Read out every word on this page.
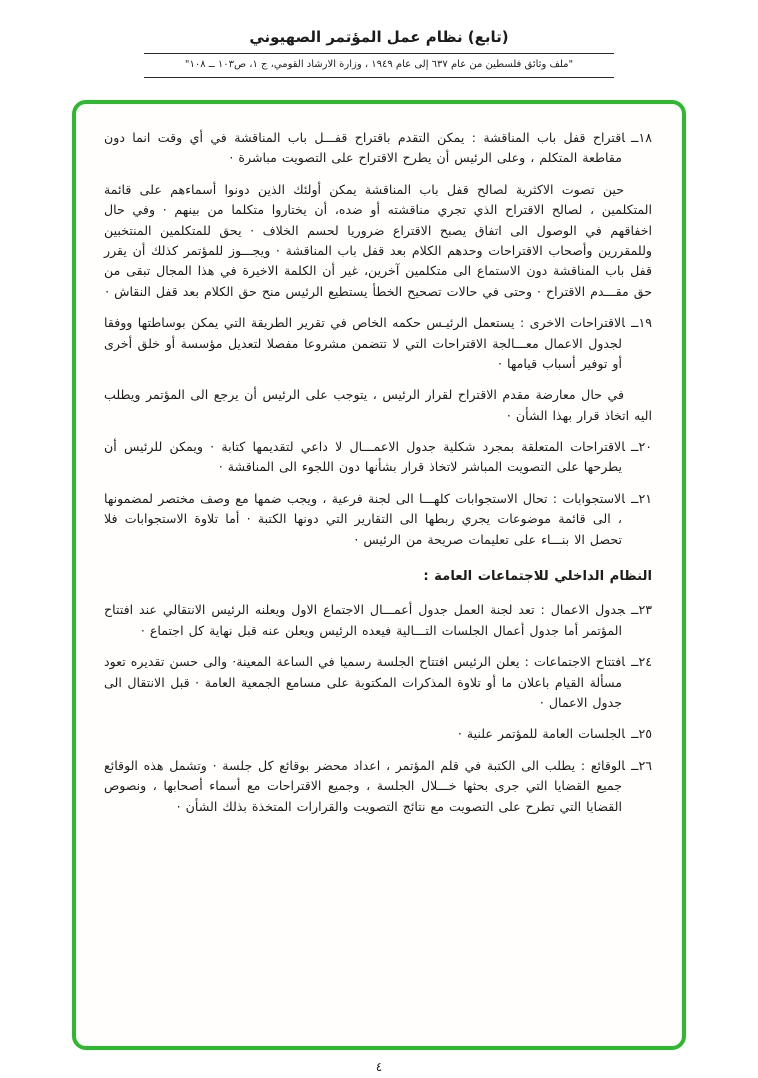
(تابع) نظام عمل المؤتمر الصهيوني
"ملف وثائق فلسطين من عام ٦٣٧ إلى عام ١٩٤٩ ، وزارة الارشاد القومي، ج ١، ص١٠٣ ــ ١٠٨"
١٨ــاقتراح قفل باب المناقشة : يمكن التقدم باقتراح قفـــل باب المناقشة في أي وقت انما دون مقاطعة المتكلم ، وعلى الرئيس أن يطرح الاقتراح على التصويت مباشرة ·
حين تصوت الاكثرية لصالح قفل باب المناقشة يمكن أولئك الذين دونوا أسماءهم على قائمة المتكلمين ، لصالح الاقتراح الذي تجري مناقشته أو ضده، أن يختاروا متكلما من بينهم · وفي حال اخفاقهم في الوصول الى اتفاق يصبح الاقتراع ضروريا لحسم الخلاف · يحق للمتكلمين المنتخبين وللمقررين وأصحاب الاقتراحات وحدهم الكلام بعد قفل باب المناقشة · ويجـــوز للمؤتمر كذلك أن يقرر قفل باب المناقشة دون الاستماع الى متكلمين آخرين، غير أن الكلمة الاخيرة في هذا المجال تبقى من حق مقـــدم الاقتراح · وحتى في حالات تصحيح الخطأ يستطيع الرئيس منح حق الكلام بعد قفل النقاش ·
١٩ــالاقتراحات الاخرى : يستعمل الرئيـس حكمه الخاص في تقرير الطريقة التي يمكن بوساطتها ووفقا لجدول الاعمال معـــالجة الاقتراحات التي لا تتضمن مشروعا مفصلا لتعديل مؤسسة أو خلق أخرى أو توفير أسباب قيامها ·
في حال معارضة مقدم الاقتراح لقرار الرئيس ، يتوجب على الرئيس أن يرجع الى المؤتمر ويطلب اليه اتخاذ قرار بهذا الشأن ·
٢٠ــالاقتراحات المتعلقة بمجرد شكلية جدول الاعمـــال لا داعي لتقديمها كتابة · ويمكن للرئيس أن يطرحها على التصويت المباشر لاتخاذ قرار بشأنها دون اللجوء الى المناقشة ·
٢١ــالاستجوابات : تحال الاستجوابات كلهـــا الى لجنة فرعية ، ويجب ضمها مع وصف مختصر لمضمونها ، الى قائمة موضوعات يجري ربطها الى التقارير التي دونها الكتبة · أما تلاوة الاستجوابات فلا تحصل الا بنـــاء على تعليمات صريحة من الرئيس ·
النظام الداخلي للاجتماعات العامة :
٢٣ــجدول الاعمال : تعد لجنة العمل جدول أعمـــال الاجتماع الاول ويعلنه الرئيس الانتقالي عند افتتاح المؤتمر أما جدول أعمال الجلسات التـــالية فيعده الرئيس ويعلن عنه قبل نهاية كل اجتماع ·
٢٤ــافتتاح الاجتماعات : يعلن الرئيس افتتاح الجلسة رسميا في الساعة المعينة· والى حسن تقديره تعود مسألة القيام باعلان ما أو تلاوة المذكرات المكتوبة على مسامع الجمعية العامة · قبل الانتقال الى جدول الاعمال ·
٢٥ــالجلسات العامة للمؤتمر علنية ·
٢٦ــالوقائع : يطلب الى الكتبة في قلم المؤتمر ، اعداد محضر بوقائع كل جلسة · وتشمل هذه الوقائع جميع القضايا التي جرى بحثها خـــلال الجلسة ، وجميع الاقتراحات مع أسماء أصحابها ، ونصوص القضايا التي تطرح على التصويت مع نتائج التصويت والقرارات المتخذة بذلك الشأن ·
٤
